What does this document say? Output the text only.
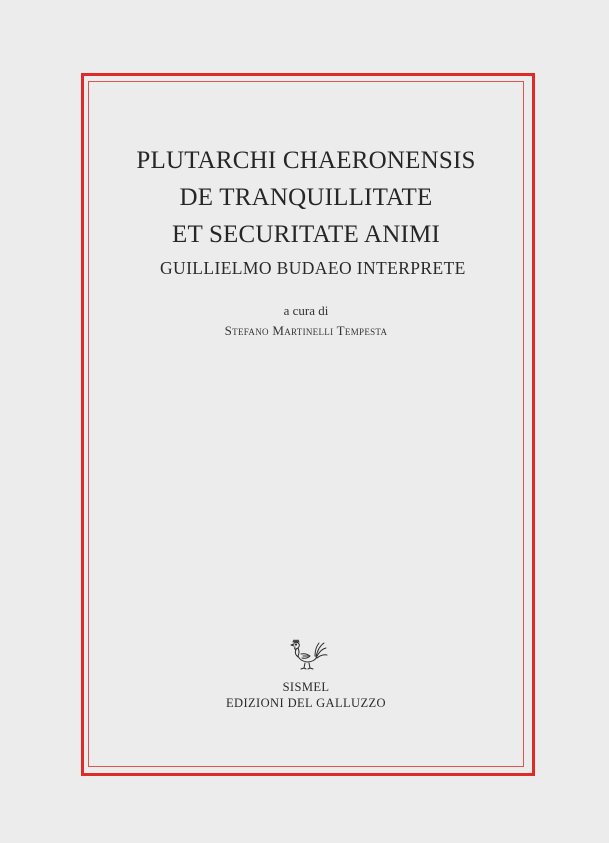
PLUTARCHI CHAERONENSIS
DE TRANQUILLITATE
ET SECURITATE ANIMI
GUILLIELMO BUDAEO INTERPRETE
a cura di
Stefano Martinelli Tempesta
SISMEL
EDIZIONI DEL GALLUZZO
